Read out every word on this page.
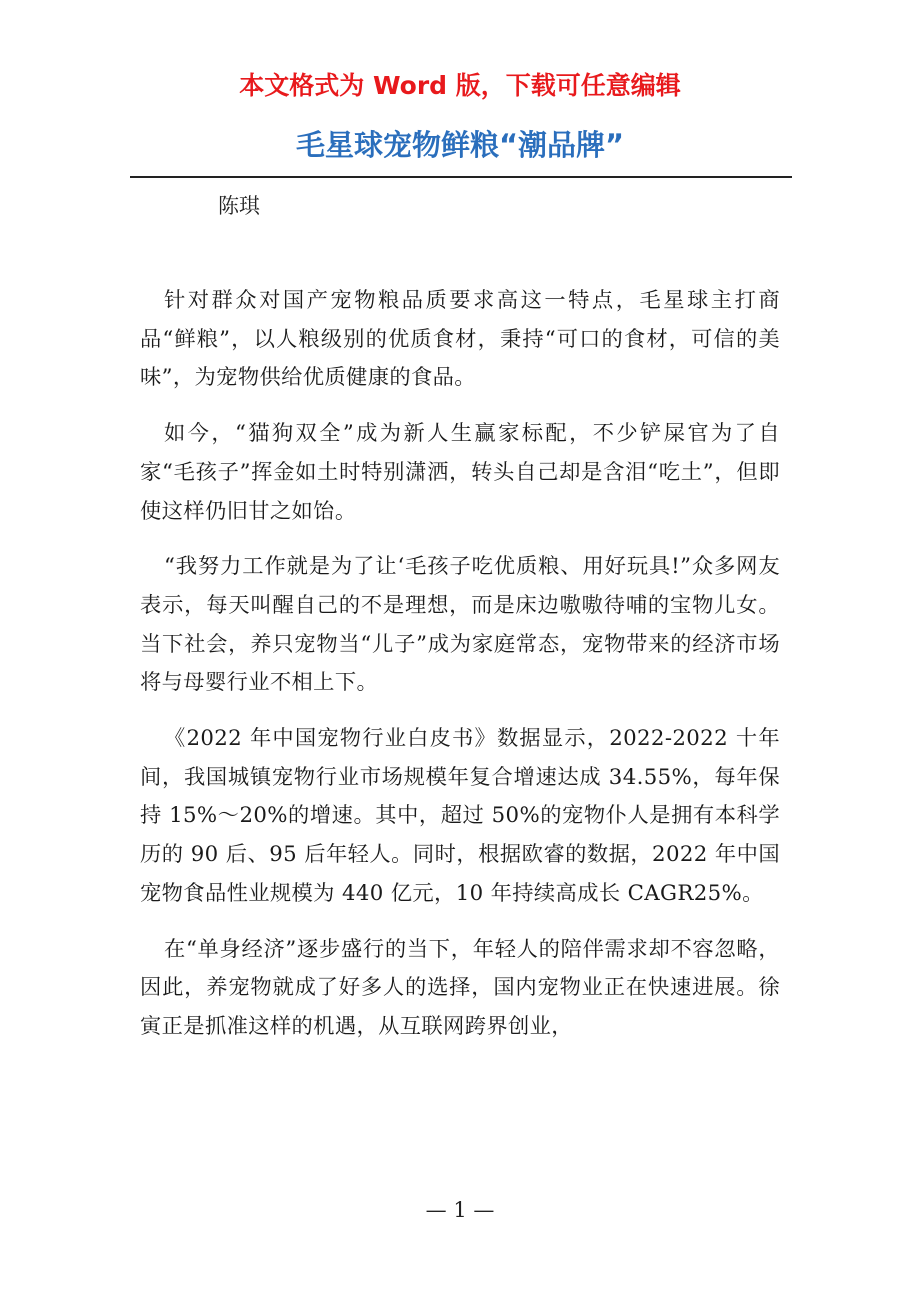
本文格式为 Word 版，下载可任意编辑
毛星球宠物鲜粮“潮品牌”
陈琪

针对群众对国产宠物粮品质要求高这一特点，毛星球主打商品“鲜粮”，以人粮级别的优质食材，秉持“可口的食材，可信的美味”，为宠物供给优质健康的食品。

如今，“猫狗双全”成为新人生赢家标配，不少铲屎官为了自家“毛孩子”挥金如土时特别潇洒，转头自己却是含泪“吃土”，但即使这样仍旧甘之如饴。

“我努力工作就是为了让‘毛孩子吃优质粮、用好玩具!”众多网友表示，每天叫醒自己的不是理想，而是床边嗷嗷待哺的宝物儿女。当下社会，养只宠物当“儿子”成为家庭常态，宠物带来的经济市场将与母婴行业不相上下。

《2022 年中国宠物行业白皮书》数据显示，2022-2022 十年间，我国城镇宠物行业市场规模年复合增速达成 34.55%，每年保持 15%～20%的增速。其中，超过 50%的宠物仆人是拥有本科学历的 90 后、95 后年轻人。同时，根据欧睿的数据，2022 年中国宠物食品性业规模为 440 亿元，10 年持续高成长 CAGR25%。

在“单身经济”逐步盛行的当下，年轻人的陪伴需求却不容忽略，因此，养宠物就成了好多人的选择，国内宠物业正在快速进展。徐寅正是抓准这样的机遇，从互联网跨界创业，

— 1 —
